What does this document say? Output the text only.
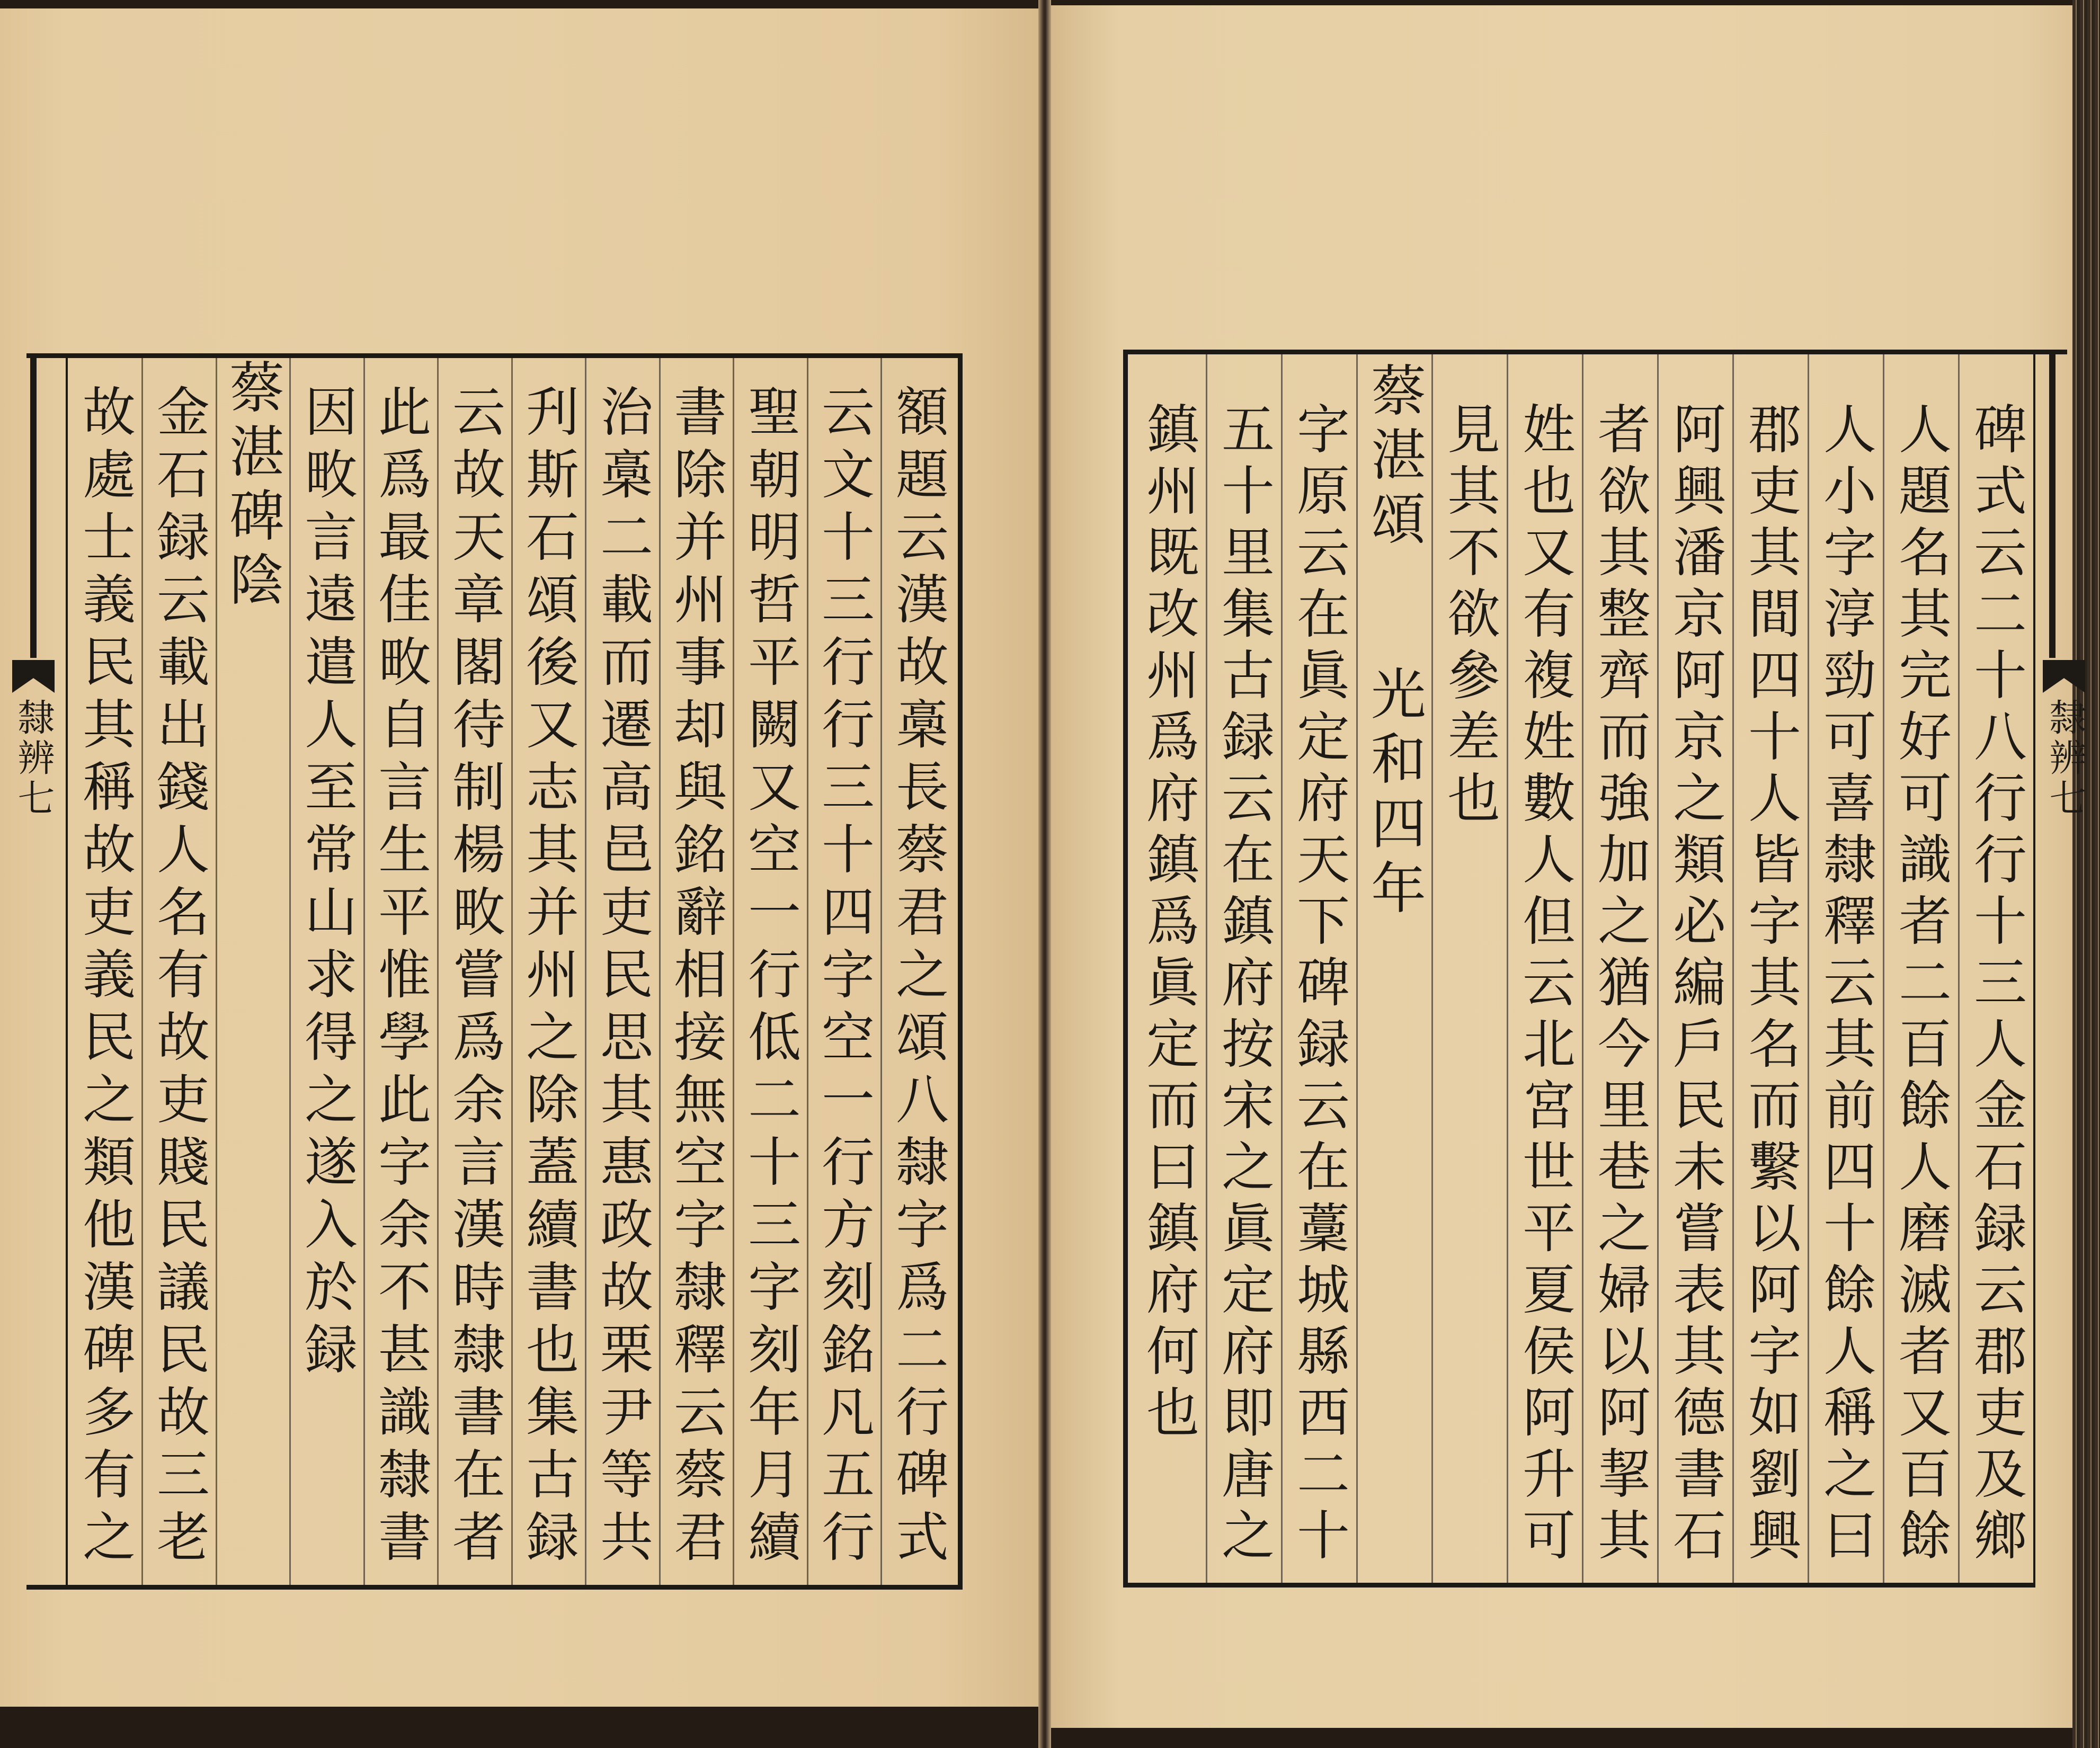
隸辨七	隸辨七
碑式云二十八行行十三人金石録云郡吏及鄉
人題名其完好可識者二百餘人磨滅者又百餘
人小字淳勁可喜隸釋云其前四十餘人稱之曰
郡吏其間四十人皆字其名而繫以阿字如劉興
阿興潘京阿京之類必編戶民未嘗表其德書石
者欲其整齊而強加之猶今里巷之婦以阿挈其
姓也又有複姓數人但云北宮世平夏侯阿升可
見其不欲參差也
蔡湛頌
光和四年
字原云在眞定府天下碑録云在藳城縣西二十
五十里集古録云在鎮府按宋之眞定府即唐之
鎮州既改州爲府鎮爲眞定而曰鎮府何也
額題云漢故槀長蔡君之頌八隸字爲二行碑式
云文十三行行三十四字空一行方刻銘凡五行
聖朝明哲平闕又空一行低二十三字刻年月續
書除并州事却與銘辭相接無空字隸釋云蔡君
治槀二載而遷高邑吏民思其惠政故栗尹等共
刋斯石頌後又志其并州之除蓋續書也集古録
云故天章閣待制楊畋嘗爲余言漢時隸書在者
此爲最佳畋自言生平惟學此字余不甚識隸書
因畋言遠遣人至常山求得之遂入於録
蔡湛碑陰
金石録云載出錢人名有故吏賤民議民故三老
故處士義民其稱故吏義民之類他漢碑多有之
